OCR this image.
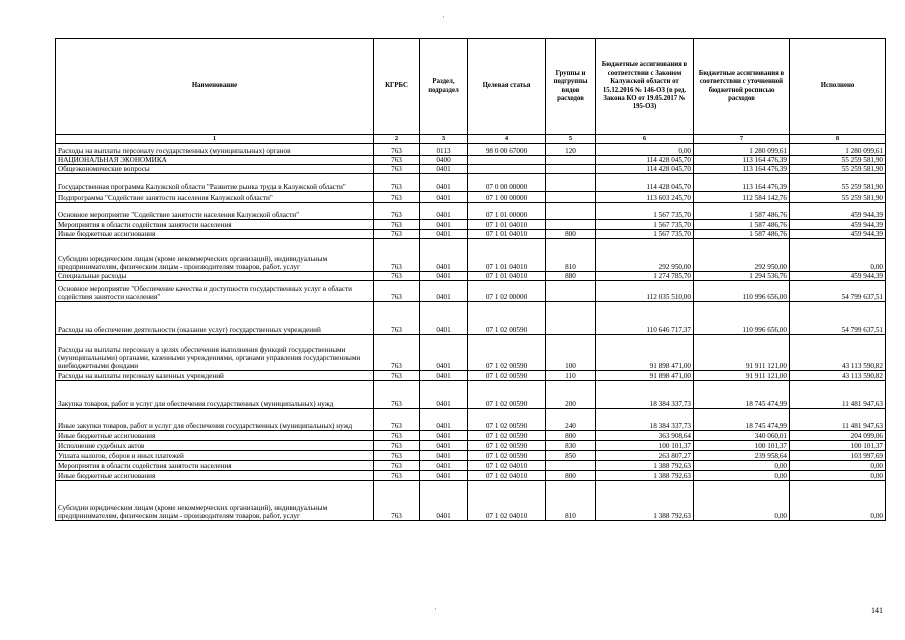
·
·
Наименование	КГРБС	Раздел, подраздел	Целевая статья	Группы и подгруппы видов расходов	Бюджетные ассигнования в соответствии с Законом Калужской области от 15.12.2016 № 146-ОЗ (в ред. Закона КО от 19.05.2017 № 195-ОЗ)	Бюджетные ассигнования в соответствии с уточненной бюджетной росписью расходов	Исполнено
1	2	3	4	5	6	7	8
Расходы на выплаты персоналу государственных (муниципальных) органов	763	0113	98 0 00 67000	120	0,00	1 280 099,61	1 280 099,61
НАЦИОНАЛЬНАЯ ЭКОНОМИКА	763	0400			114 428 045,70	113 164 476,39	55 259 581,90
Общеэкономические вопросы	763	0401			114 428 045,70	113 164 476,39	55 259 581,90
Государственная программа Калужской области "Развитие рынка труда в Калужской области"	763	0401	07 0 00 00000		114 428 045,70	113 164 476,39	55 259 581,90
Подпрограмма "Содействие занятости населения Калужской области"	763	0401	07 1 00 00000		113 603 245,70	112 584 142,76	55 259 581,90
Основное мероприятие "Содействие занятости населения Калужской области"	763	0401	07 1 01 00000		1 567 735,70	1 587 486,76	459 944,39
Мероприятия в области содействия занятости населения	763	0401	07 1 01 04010		1 567 735,70	1 587 486,76	459 944,39
Иные бюджетные ассигнования	763	0401	07 1 01 04010	800	1 567 735,70	1 587 486,76	459 944,39
Субсидии юридическим лицам (кроме некоммерческих организаций), индивидуальным предпринимателям, физическим лицам - производителям товаров, работ, услуг	763	0401	07 1 01 04010	810	292 950,00	292 950,00	0,00
Специальные расходы	763	0401	07 1 01 04010	880	1 274 785,70	1 294 536,76	459 944,39
Основное мероприятие "Обеспечение качества и доступности государственных услуг в области содействия занятости населения"	763	0401	07 1 02 00000		112 035 510,00	110 996 656,00	54 799 637,51
Расходы на обеспечение деятельности (оказание услуг) государственных учреждений	763	0401	07 1 02 00590		110 646 717,37	110 996 656,00	54 799 637,51
Расходы на выплаты персоналу в целях обеспечения выполнения функций государственными (муниципальными) органами, казенными учреждениями, органами управления государственными внебюджетными фондами	763	0401	07 1 02 00590	100	91 898 471,00	91 911 121,00	43 113 590,82
Расходы на выплаты персоналу казенных учреждений	763	0401	07 1 02 00590	110	91 898 471,00	91 911 121,00	43 113 590,82
Закупка товаров, работ и услуг для обеспечения государственных (муниципальных) нужд	763	0401	07 1 02 00590	200	18 384 337,73	18 745 474,99	11 481 947,63
Иные закупки товаров, работ и услуг для обеспечения государственных (муниципальных) нужд	763	0401	07 1 02 00590	240	18 384 337,73	18 745 474,99	11 481 947,63
Иные бюджетные ассигнования	763	0401	07 1 02 00590	800	363 908,64	340 060,01	204 099,06
Исполнение судебных актов	763	0401	07 1 02 00590	830	100 101,37	100 101,37	100 101,37
Уплата налогов, сборов и иных платежей	763	0401	07 1 02 00590	850	263 807,27	239 958,64	103 997,69
Мероприятия в области содействия занятости населения	763	0401	07 1 02 04010		1 388 792,63	0,00	0,00
Иные бюджетные ассигнования	763	0401	07 1 02 04010	800	1 388 792,63	0,00	0,00
Субсидии юридическим лицам (кроме некоммерческих организаций), индивидуальным предпринимателям, физическим лицам - производителям товаров, работ, услуг	763	0401	07 1 02 04010	810	1 388 792,63	0,00	0,00
141
